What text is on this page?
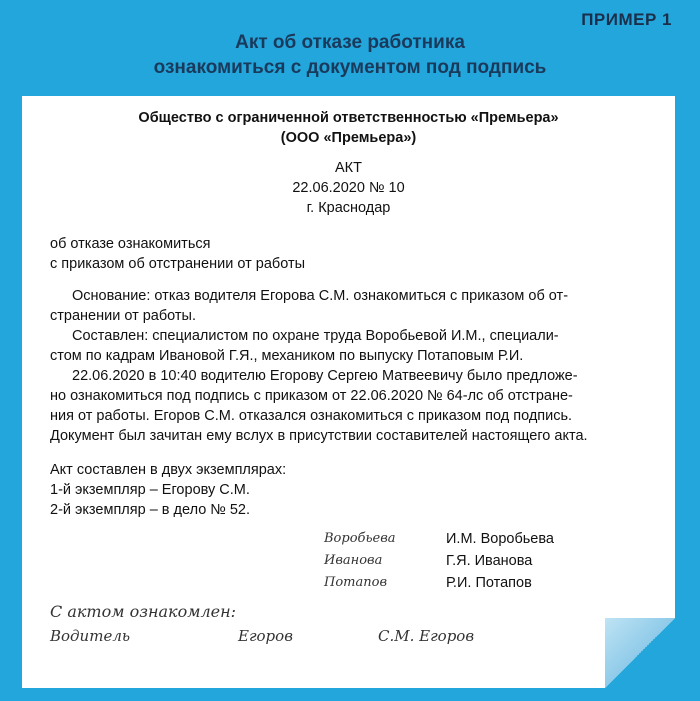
ПРИМЕР 1
Акт об отказе работника
ознакомиться с документом под подпись
Общество с ограниченной ответственностью «Премьера»
(ООО «Премьера»)
АКТ
22.06.2020 № 10
г. Краснодар
об отказе ознакомиться
с приказом об отстранении от работы
Основание: отказ водителя Егорова С.М. ознакомиться с приказом об от-
странении от работы.
Составлен: специалистом по охране труда Воробьевой И.М., специали-
стом по кадрам Ивановой Г.Я., механиком по выпуску Потаповым Р.И.
22.06.2020 в 10:40 водителю Егорову Сергею Матвеевичу было предложе-
но ознакомиться под подпись с приказом от 22.06.2020 № 64-лс об отстране-
ния от работы. Егоров С.М. отказался ознакомиться с приказом под подпись.
Документ был зачитан ему вслух в присутствии составителей настоящего акта.
Акт составлен в двух экземплярах:
1-й экземпляр – Егорову С.М.
2-й экземпляр – в дело № 52.
Воробьева	И.М. Воробьева
Иванова	Г.Я. Иванова
Потапов	Р.И. Потапов
С актом ознакомлен:
Водитель	Егоров	С.М. Егоров
